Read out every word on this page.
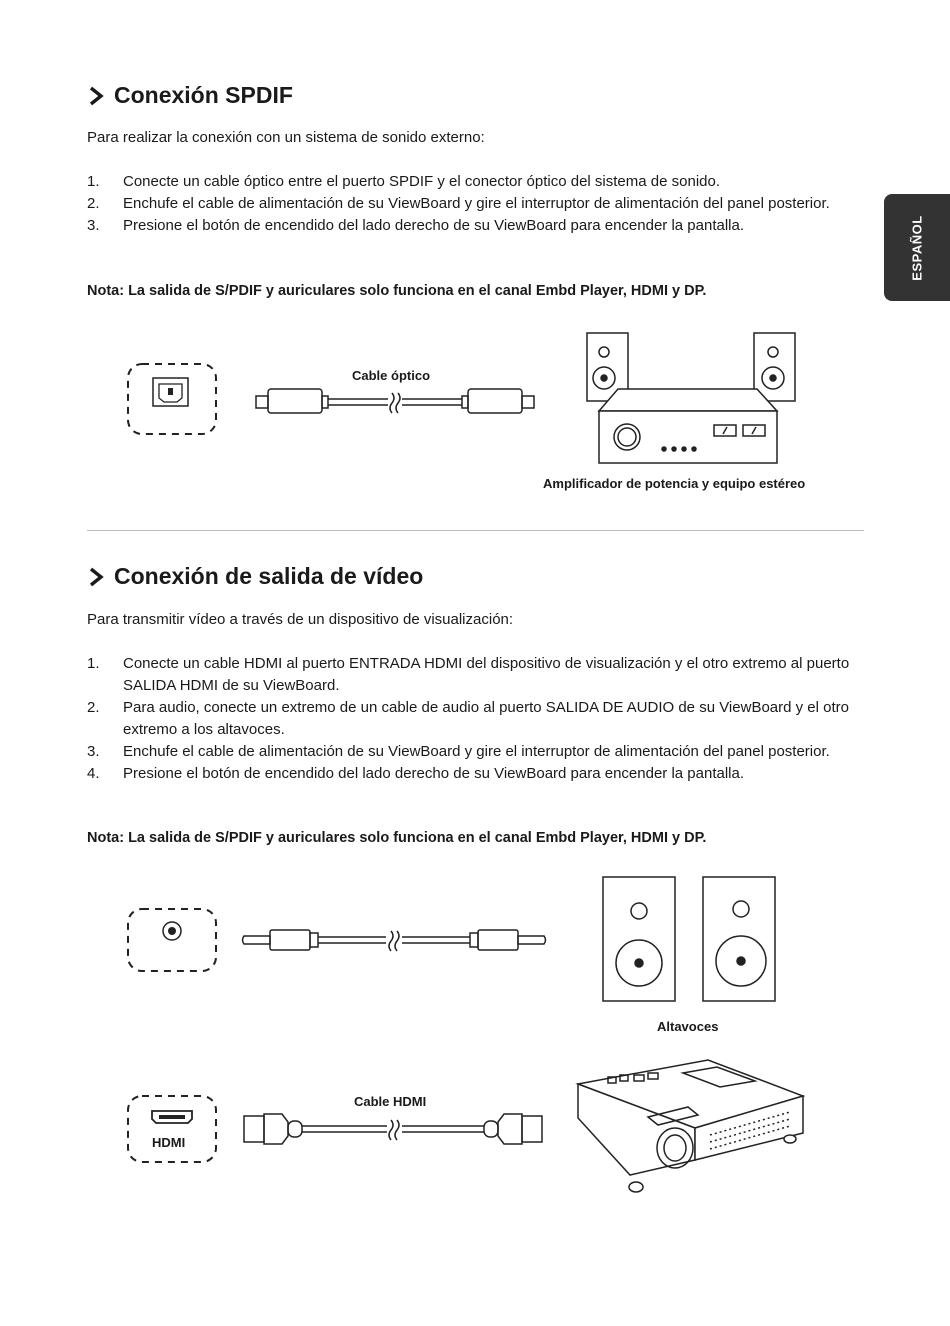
ESPAÑOL
Conexión SPDIF
Para realizar la conexión con un sistema de sonido externo:
1. Conecte un cable óptico entre el puerto SPDIF y el conector óptico del sistema de sonido.
2. Enchufe el cable de alimentación de su ViewBoard y gire el interruptor de alimentación del panel posterior.
3. Presione el botón de encendido del lado derecho de su ViewBoard para encender la pantalla.
Nota: La salida de S/PDIF y auriculares solo funciona en el canal Embd Player, HDMI y DP.
Cable óptico
Amplificador de potencia y equipo estéreo
Conexión de salida de vídeo
Para transmitir vídeo a través de un dispositivo de visualización:
1. Conecte un cable HDMI al puerto ENTRADA HDMI del dispositivo de visualización y el otro extremo al puerto SALIDA HDMI de su ViewBoard.
2. Para audio, conecte un extremo de un cable de audio al puerto SALIDA DE AUDIO de su ViewBoard y el otro extremo a los altavoces.
3. Enchufe el cable de alimentación de su ViewBoard y gire el interruptor de alimentación del panel posterior.
4. Presione el botón de encendido del lado derecho de su ViewBoard para encender la pantalla.
Nota: La salida de S/PDIF y auriculares solo funciona en el canal Embd Player, HDMI y DP.
Altavoces
HDMI
Cable HDMI
